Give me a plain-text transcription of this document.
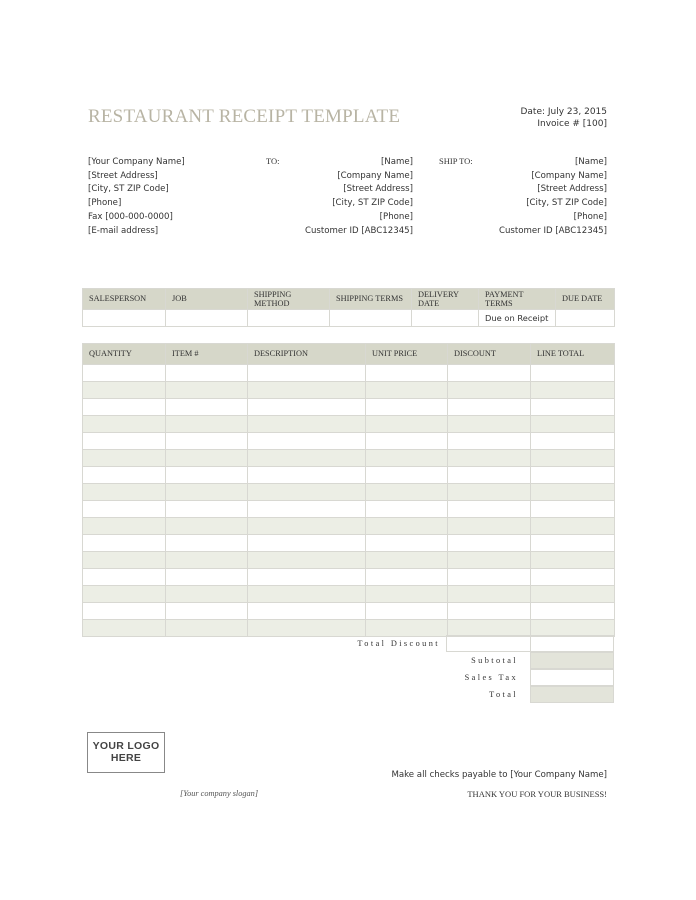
RESTAURANT RECEIPT TEMPLATE	Date: July 23, 2015
Invoice # [100]
[Your Company Name]
[Street Address]
[City, ST ZIP Code]
[Phone]
Fax [000-000-0000]
[E-mail address]
TO:	[Name]
[Company Name]
[Street Address]
[City, ST ZIP Code]
[Phone]
Customer ID [ABC12345]
SHIP TO:	[Name]
[Company Name]
[Street Address]
[City, ST ZIP Code]
[Phone]
Customer ID [ABC12345]
SALESPERSON	JOB	SHIPPING METHOD	SHIPPING TERMS	DELIVERY DATE	PAYMENT TERMS	DUE DATE
					Due on Receipt	
QUANTITY	ITEM #	DESCRIPTION	UNIT PRICE	DISCOUNT	LINE TOTAL

Total Discount
Subtotal
Sales Tax
Total
YOUR LOGO
HERE
[Your company slogan]
Make all checks payable to [Your Company Name]
THANK YOU FOR YOUR BUSINESS!
